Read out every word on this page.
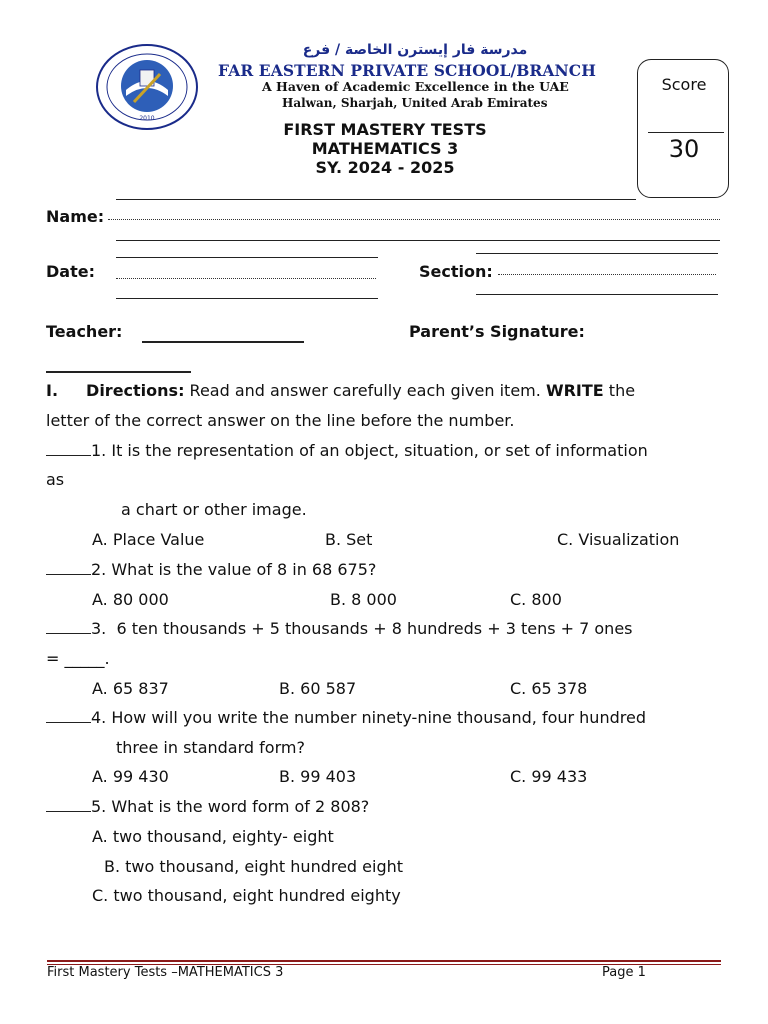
2010
مدرسة فار إيسترن الخاصة / فرع
FAR EASTERN PRIVATE SCHOOL/BRANCH
A Haven of Academic Excellence in the UAE
Halwan, Sharjah, United Arab Emirates
FIRST MASTERY TESTS
MATHEMATICS 3
SY. 2024 - 2025
Score
30
Name:
Date:	Section:
Teacher:	Parent’s Signature:
I. Directions: Read and answer carefully each given item. WRITE the
letter of the correct answer on the line before the number.
1. It is the representation of an object, situation, or set of information
as
a chart or other image.
A. Place Value	B. Set	C. Visualization
2. What is the value of 8 in 68 675?
A. 80 000	B. 8 000	C. 800
3.  6 ten thousands + 5 thousands + 8 hundreds + 3 tens + 7 ones
= _____.
A. 65 837	B. 60 587	C. 65 378
4. How will you write the number ninety-nine thousand, four hundred
three in standard form?
A. 99 430	B. 99 403	C. 99 433
5. What is the word form of 2 808?
A. two thousand, eighty- eight
B. two thousand, eight hundred eight
C. two thousand, eight hundred eighty
First Mastery Tests –MATHEMATICS 3	Page 1
